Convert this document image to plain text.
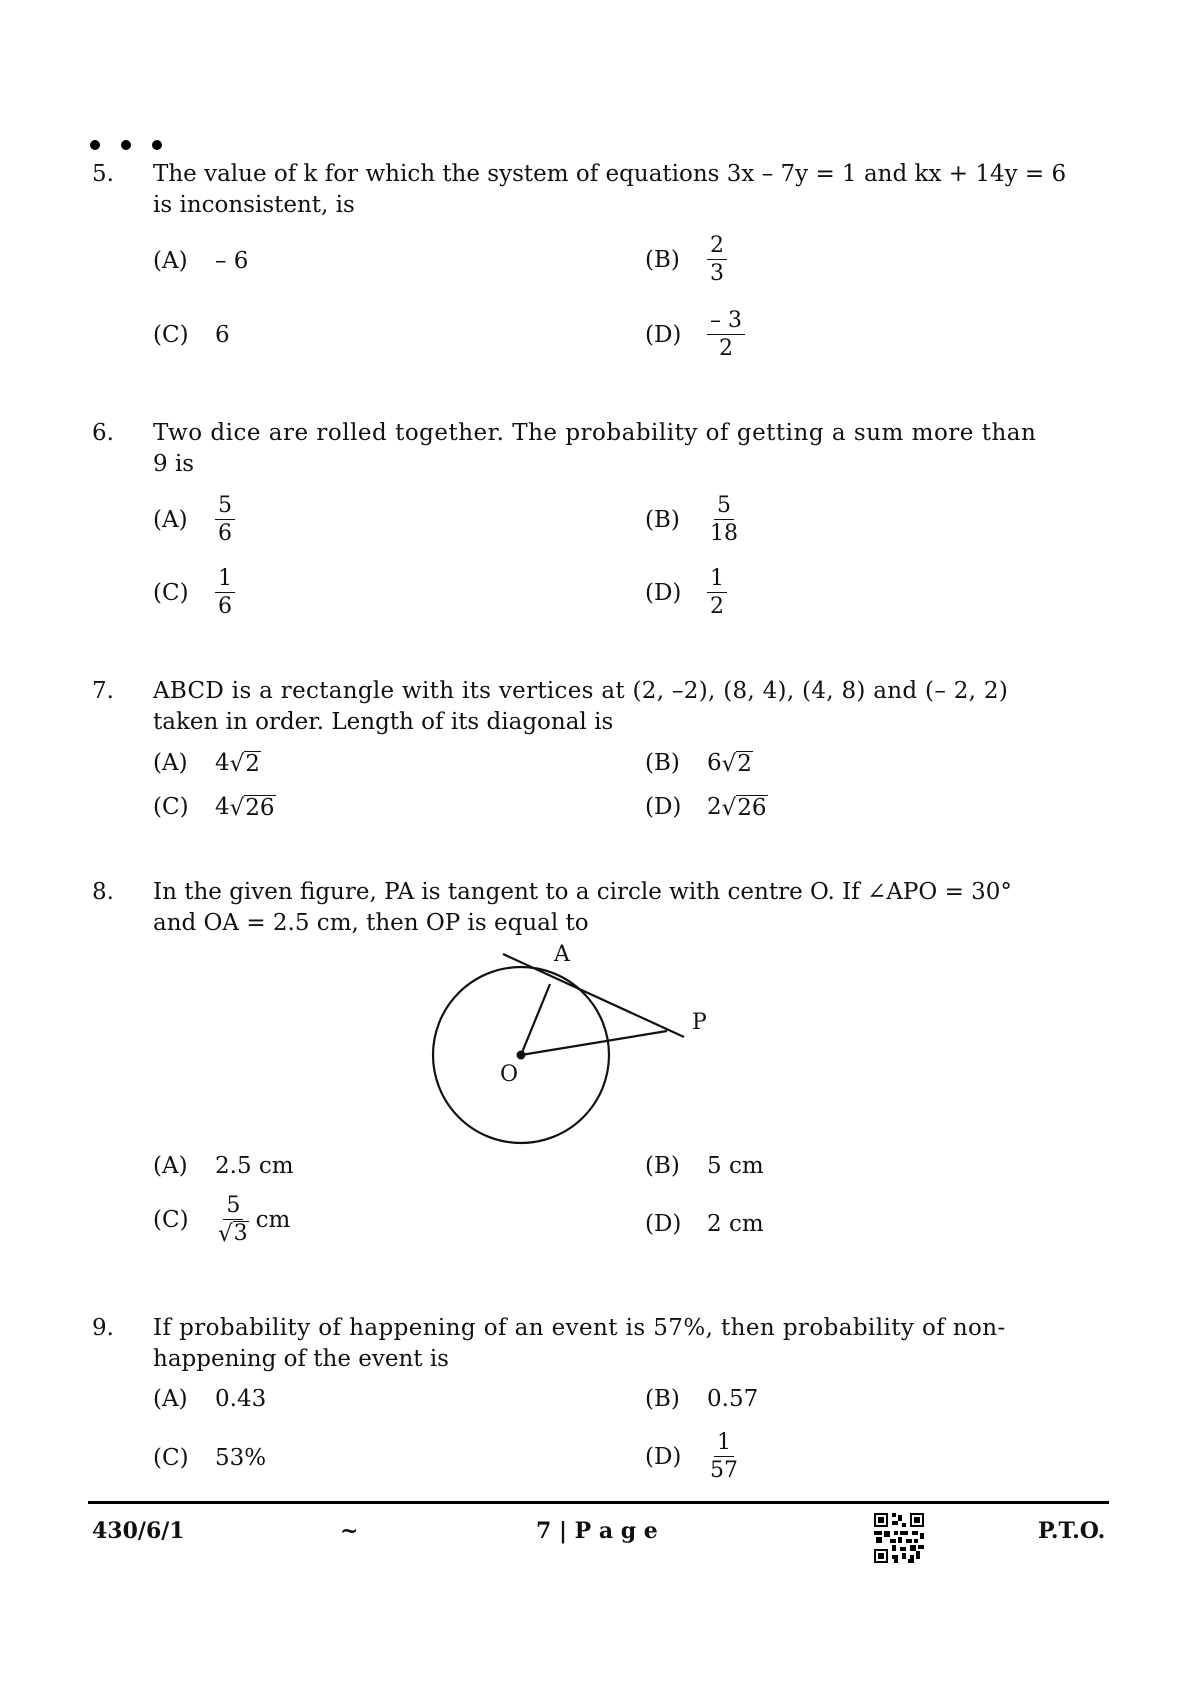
5. The value of k for which the system of equations 3x – 7y = 1 and kx + 14y = 6
is inconsistent, is
(A)	– 6	(B)	$\frac{2}{3}$
(C)	6	(D)	$\frac{- 3}{2}$
6. Two dice are rolled together. The probability of getting a sum more than
9 is
(A)	$\frac{5}{6}$	(B)	$\frac{5}{18}$
(C)	$\frac{1}{6}$	(D)	$\frac{1}{2}$
7. ABCD is a rectangle with its vertices at (2, –2), (8, 4), (4, 8) and (– 2, 2)
taken in order. Length of its diagonal is
(A)	4 √ 2	(B)	6 √ 2
(C)	4 √ 26	(D)	2 √ 26
8. In the given figure, PA is tangent to a circle with centre O. If ∠APO = 30°
and OA = 2.5 cm, then OP is equal to
A
P
O
(A)	2.5 cm	(B)	5 cm
(C)	$\frac{5}{√ 3}$ cm	(D)	2 cm
9. If probability of happening of an event is 57%, then probability of non-
happening of the event is
(A)	0.43	(B)	0.57
(C)	53%	(D)	$\frac{1}{57}$
430/6/1	~	7 | P a g e	P.T.O.
